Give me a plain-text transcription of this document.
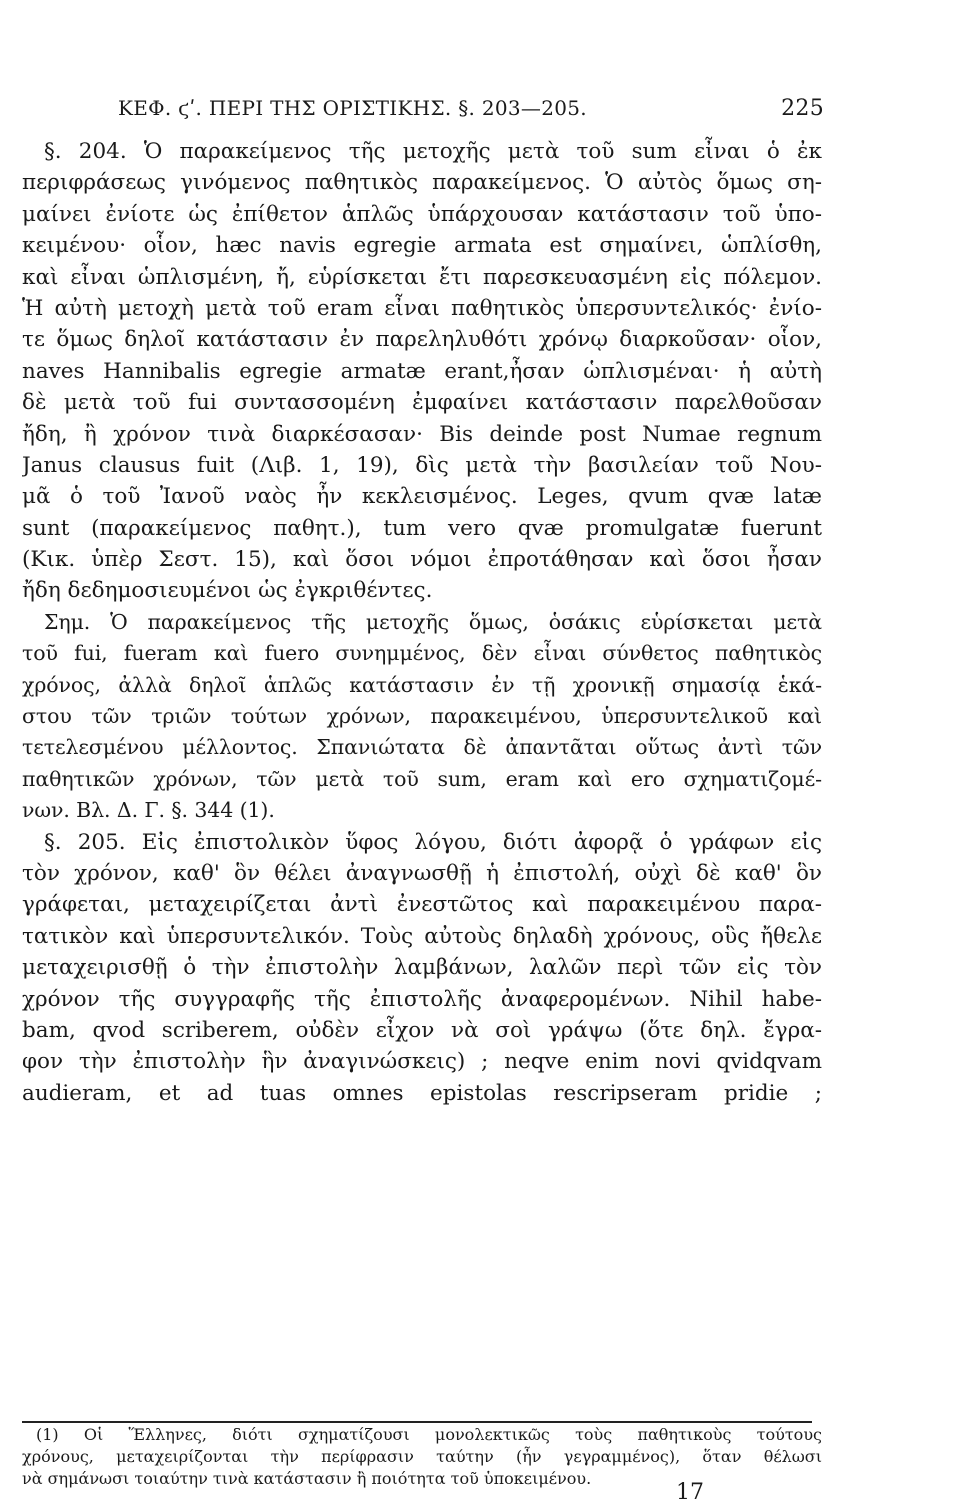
ΚΕΦ. ϛʹ. ΠΕΡΙ ΤΗΣ ΟΡΙΣΤΙΚΗΣ. §. 203—205.	225
§. 204. Ὁ παρακείμενος τῆς μετοχῆς μετὰ τοῦ sum εἶναι ὁ ἐκ
περιφράσεως γινόμενος παθητικὸς παρακείμενος. Ὁ αὐτὸς ὅμως ση-
μαίνει ἐνίοτε ὡς ἐπίθετον ἁπλῶς ὑπάρχουσαν κατάστασιν τοῦ ὑπο-
κειμένου· οἷον, hæc navis egregie armata est σημαίνει, ὡπλίσθη,
καὶ εἶναι ὡπλισμένη, ἤ, εὑρίσκεται ἔτι παρεσκευασμένη εἰς πόλεμον.
Ἡ αὐτὴ μετοχὴ μετὰ τοῦ eram εἶναι παθητικὸς ὑπερσυντελικός· ἐνίο-
τε ὅμως δηλοῖ κατάστασιν ἐν παρεληλυθότι χρόνῳ διαρκοῦσαν· οἷον,
naves Hannibalis egregie armatæ erant,ἦσαν ὡπλισμέναι· ἡ αὐτὴ
δὲ μετὰ τοῦ fui συντασσομένη ἐμφαίνει κατάστασιν παρελθοῦσαν
ἤδη, ἢ χρόνον τινὰ διαρκέσασαν· Bis deinde post Numae regnum
Janus clausus fuit (Λιβ. 1, 19), δὶς μετὰ τὴν βασιλείαν τοῦ Νου-
μᾶ ὁ τοῦ Ἰανοῦ ναὸς ἦν κεκλεισμένος. Leges, qvum qvæ latæ
sunt (παρακείμενος παθητ.), tum vero qvæ promulgatæ fuerunt
(Κικ. ὑπὲρ Σεστ. 15), καὶ ὅσοι νόμοι ἐπροτάθησαν καὶ ὅσοι ἦσαν
ἤδη δεδημοσιευμένοι ὡς ἐγκριθέντες.
Σημ. Ὁ παρακείμενος τῆς μετοχῆς ὅμως, ὁσάκις εὑρίσκεται μετὰ
τοῦ fui, fueram καὶ fuero συνημμένος, δὲν εἶναι σύνθετος παθητικὸς
χρόνος, ἀλλὰ δηλοῖ ἁπλῶς κατάστασιν ἐν τῇ χρονικῇ σημασίᾳ ἑκά-
στου τῶν τριῶν τούτων χρόνων, παρακειμένου, ὑπερσυντελικοῦ καὶ
τετελεσμένου μέλλοντος. Σπανιώτατα δὲ ἀπαντᾶται οὕτως ἀντὶ τῶν
παθητικῶν χρόνων, τῶν μετὰ τοῦ sum, eram καὶ ero σχηματιζομέ-
νων. Βλ. Δ. Γ. §. 344 (1).
§. 205. Εἰς ἐπιστολικὸν ὕφος λόγου, διότι ἀφορᾷ ὁ γράφων εἰς
τὸν χρόνον, καθ' ὃν θέλει ἀναγνωσθῇ ἡ ἐπιστολή, οὐχὶ δὲ καθ' ὃν
γράφεται, μεταχειρίζεται ἀντὶ ἐνεστῶτος καὶ παρακειμένου παρα-
τατικὸν καὶ ὑπερσυντελικόν. Τοὺς αὐτοὺς δηλαδὴ χρόνους, οὓς ἤθελε
μεταχειρισθῇ ὁ τὴν ἐπιστολὴν λαμβάνων, λαλῶν περὶ τῶν εἰς τὸν
χρόνον τῆς συγγραφῆς τῆς ἐπιστολῆς ἀναφερομένων. Nihil habe-
bam, qvod scriberem, οὐδὲν εἶχον νὰ σοὶ γράψω (ὅτε δηλ. ἔγρα-
φον τὴν ἐπιστολὴν ἣν ἀναγινώσκεις) ; neqve enim novi qvidqvam
audieram, et ad tuas omnes epistolas rescripseram pridie ;
(1) Οἱ Ἕλληνες, διότι σχηματίζουσι μονολεκτικῶς τοὺς παθητικοὺς τούτους
χρόνους, μεταχειρίζονται τὴν περίφρασιν ταύτην (ἦν γεγραμμένος), ὅταν θέλωσι
νὰ σημάνωσι τοιαύτην τινὰ κατάστασιν ἢ ποιότητα τοῦ ὑποκειμένου.
17
